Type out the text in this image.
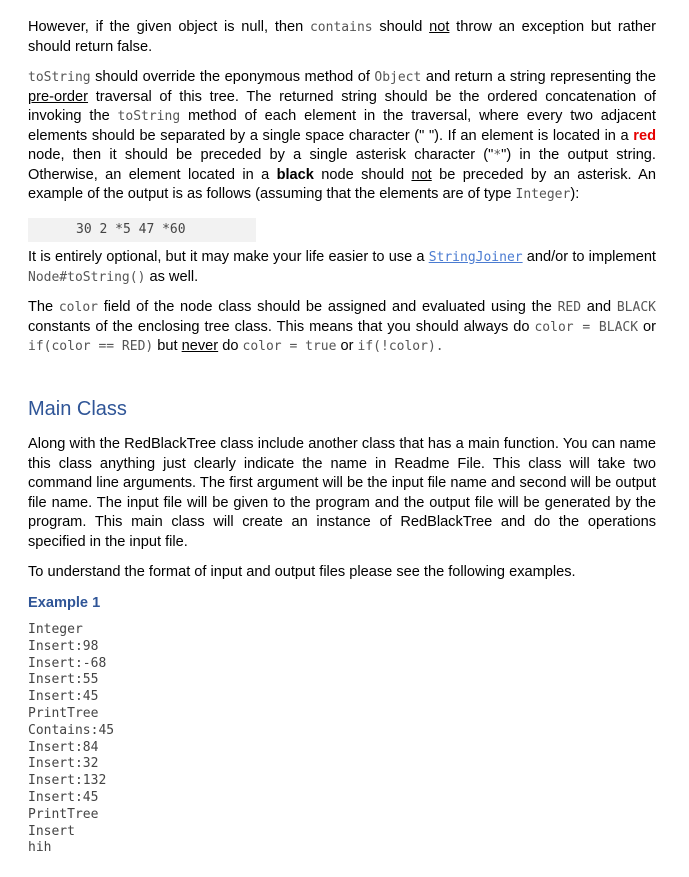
However, if the given object is null, then contains should not throw an exception but rather should return false.

toString should override the eponymous method of Object and return a string representing the pre-order traversal of this tree. The returned string should be the ordered concatenation of invoking the toString method of each element in the traversal, where every two adjacent elements should be separated by a single space character (" "). If an element is located in a red node, then it should be preceded by a single asterisk character ("*") in the output string. Otherwise, an element located in a black node should not be preceded by an asterisk. An example of the output is as follows (assuming that the elements are of type Integer):

30 2 *5 47 *60

It is entirely optional, but it may make your life easier to use a StringJoiner and/or to implement Node#toString() as well.

The color field of the node class should be assigned and evaluated using the RED and BLACK constants of the enclosing tree class. This means that you should always do color = BLACK or if(color == RED) but never do color = true or if(!color).

Main Class

Along with the RedBlackTree class include another class that has a main function. You can name this class anything just clearly indicate the name in Readme File. This class will take two command line arguments. The first argument will be the input file name and second will be output file name. The input file will be given to the program and the output file will be generated by the program. This main class will create an instance of RedBlackTree and do the operations specified in the input file.

To understand the format of input and output files please see the following examples.

Example 1
Integer
Insert:98
Insert:-68
Insert:55
Insert:45
PrintTree
Contains:45
Insert:84
Insert:32
Insert:132
Insert:45
PrintTree
Insert
hih
